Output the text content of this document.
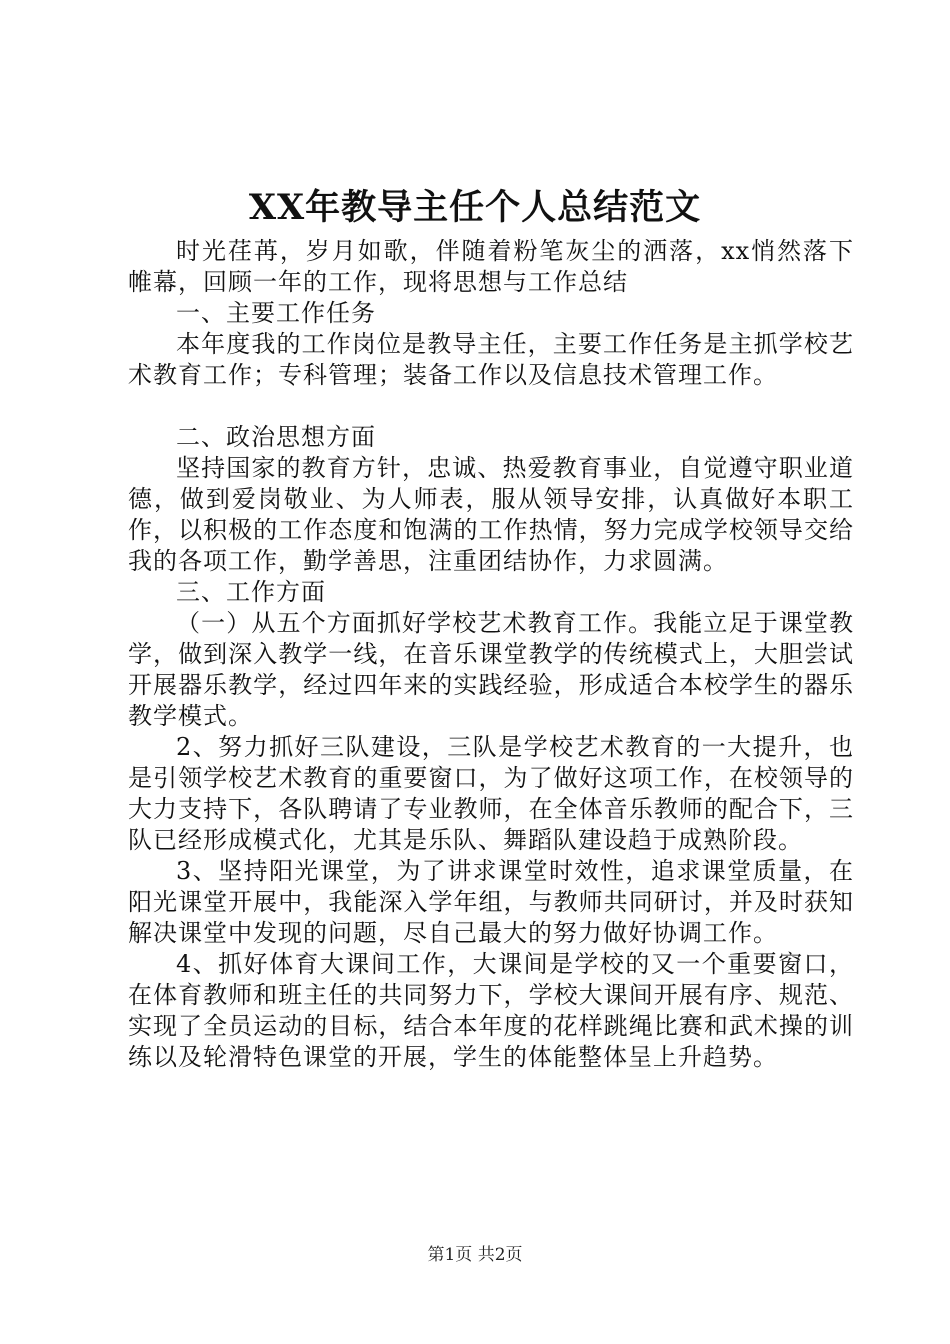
XX年教导主任个人总结范文

时光荏苒，岁月如歌，伴随着粉笔灰尘的洒落，xx悄然落下帷幕，回顾一年的工作，现将思想与工作总结

一、主要工作任务

本年度我的工作岗位是教导主任，主要工作任务是主抓学校艺术教育工作；专科管理；装备工作以及信息技术管理工作。

二、政治思想方面

坚持国家的教育方针，忠诚、热爱教育事业，自觉遵守职业道德，做到爱岗敬业、为人师表，服从领导安排，认真做好本职工作，以积极的工作态度和饱满的工作热情，努力完成学校领导交给我的各项工作，勤学善思，注重团结协作，力求圆满。

三、工作方面

（一）从五个方面抓好学校艺术教育工作。我能立足于课堂教学，做到深入教学一线，在音乐课堂教学的传统模式上，大胆尝试开展器乐教学，经过四年来的实践经验，形成适合本校学生的器乐教学模式。

2、努力抓好三队建设，三队是学校艺术教育的一大提升，也是引领学校艺术教育的重要窗口，为了做好这项工作，在校领导的大力支持下，各队聘请了专业教师，在全体音乐教师的配合下，三队已经形成模式化，尤其是乐队、舞蹈队建设趋于成熟阶段。

3、坚持阳光课堂，为了讲求课堂时效性，追求课堂质量，在阳光课堂开展中，我能深入学年组，与教师共同研讨，并及时获知解决课堂中发现的问题，尽自己最大的努力做好协调工作。

4、抓好体育大课间工作，大课间是学校的又一个重要窗口，在体育教师和班主任的共同努力下，学校大课间开展有序、规范、实现了全员运动的目标，结合本年度的花样跳绳比赛和武术操的训练以及轮滑特色课堂的开展，学生的体能整体呈上升趋势。

第1页 共2页
